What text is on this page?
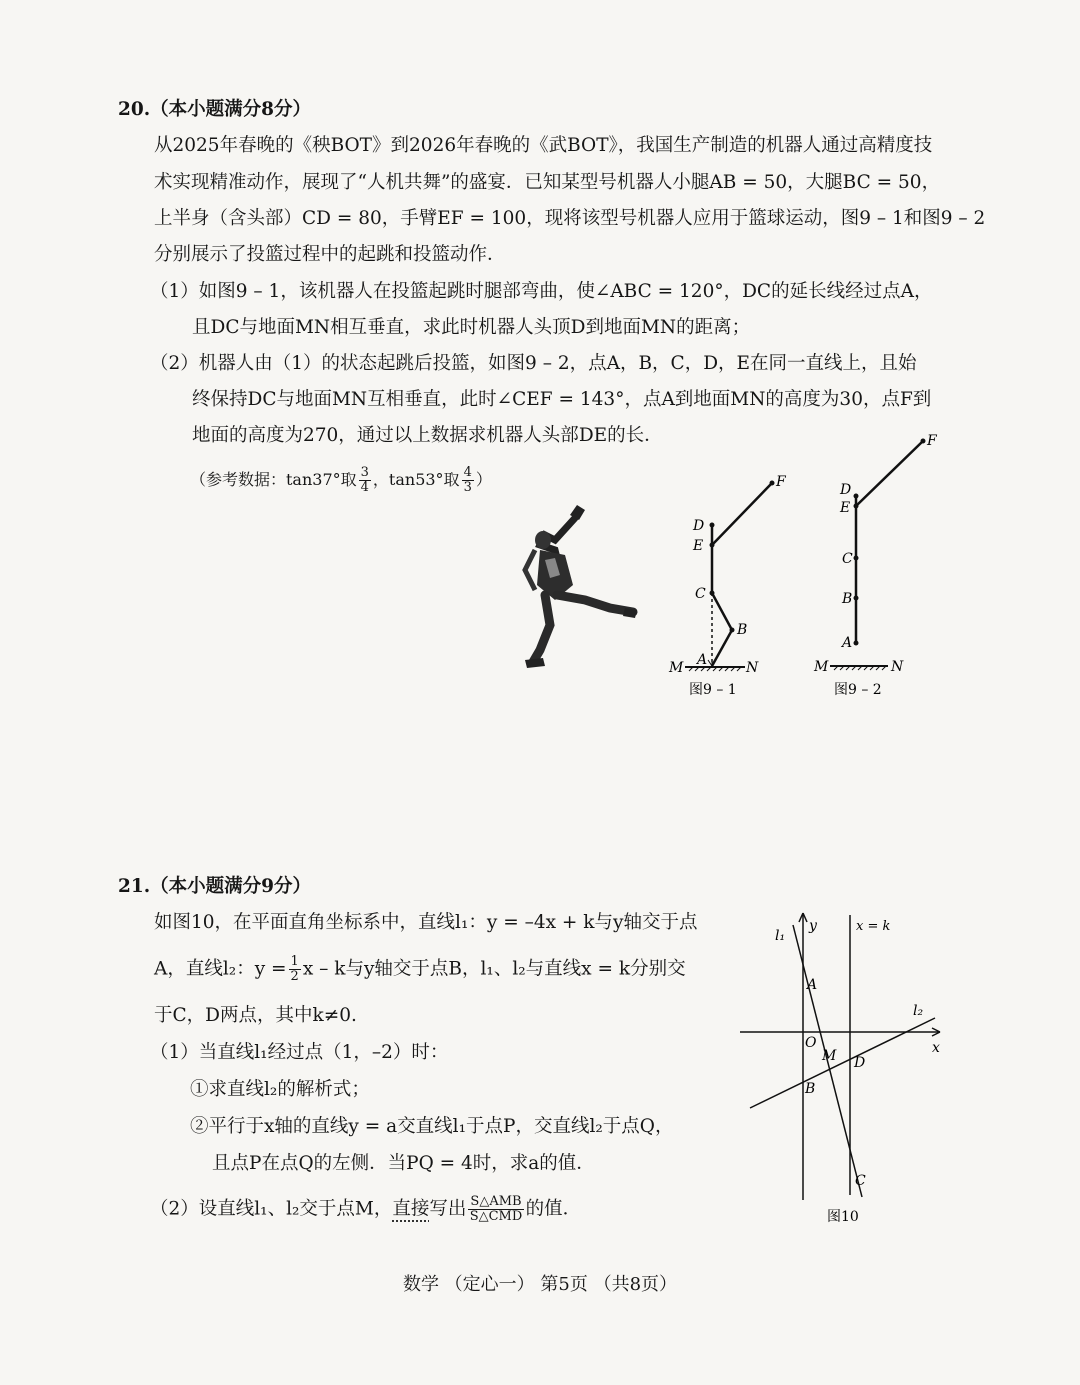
20.（本小题满分8分）
从2025年春晚的《秧BOT》到2026年春晚的《武BOT》，我国生产制造的机器人通过高精度技
术实现精准动作，展现了“人机共舞”的盛宴．已知某型号机器人小腿AB = 50，大腿BC = 50，
上半身（含头部）CD = 80，手臂EF = 100，现将该型号机器人应用于篮球运动，图9 – 1和图9 – 2
分别展示了投篮过程中的起跳和投篮动作．
（1）如图9 – 1，该机器人在投篮起跳时腿部弯曲，使∠ABC = 120°，DC的延长线经过点A，
且DC与地面MN相互垂直，求此时机器人头顶D到地面MN的距离；
（2）机器人由（1）的状态起跳后投篮，如图9 – 2，点A，B，C，D，E在同一直线上，且始
终保持DC与地面MN互相垂直，此时∠CEF = 143°，点A到地面MN的高度为30，点F到
地面的高度为270，通过以上数据求机器人头部DE的长．
（参考数据：tan37°取 $\frac{3}{4}$ ，tan53°取 $\frac{4}{3}$ ）
D
E
C
B
A
F
M	N
图9 – 1
D
E
C
B
A
F
M	N
图9 – 2
21.（本小题满分9分）
如图10，在平面直角坐标系中，直线l₁：y = –4x + k与y轴交于点
A，直线l₂：$y = \frac{1}{2}$ x – k与y轴交于点B，l₁、l₂与直线x = k分别交
于C，D两点，其中k≠0.
（1）当直线l₁经过点（1，–2）时：
①求直线l₂的解析式；
②平行于x轴的直线y = a交直线l₁于点P，交直线l₂于点Q，
且点P在点Q的左侧．当PQ = 4时，求a的值．
（2）设直线l₁、l₂交于点M，直接写出 $\frac{\text{S△AMB}}{\text{S△CMD}}$ 的值．
l₁
y	x = k
l₂
A
O
M D
B
x
C
图10
数学 （定心一） 第5页 （共8页）
